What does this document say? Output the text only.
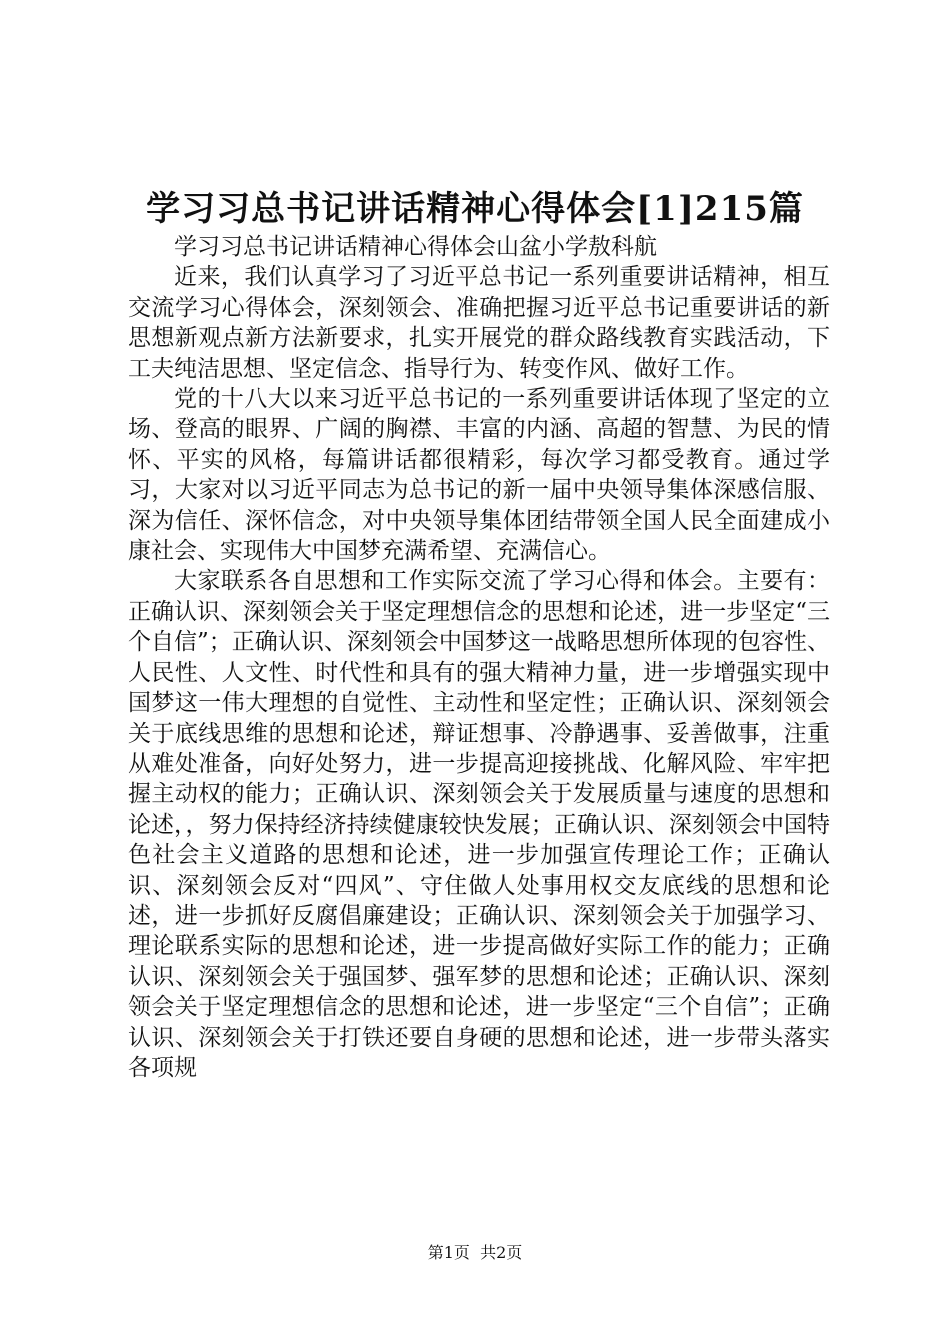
学习习总书记讲话精神心得体会[1]215篇

学习习总书记讲话精神心得体会山盆小学敖科航

近来，我们认真学习了习近平总书记一系列重要讲话精神，相互交流学习心得体会，深刻领会、准确把握习近平总书记重要讲话的新思想新观点新方法新要求，扎实开展党的群众路线教育实践活动，下工夫纯洁思想、坚定信念、指导行为、转变作风、做好工作。

党的十八大以来习近平总书记的一系列重要讲话体现了坚定的立场、登高的眼界、广阔的胸襟、丰富的内涵、高超的智慧、为民的情怀、平实的风格，每篇讲话都很精彩，每次学习都受教育。通过学习，大家对以习近平同志为总书记的新一届中央领导集体深感信服、深为信任、深怀信念，对中央领导集体团结带领全国人民全面建成小康社会、实现伟大中国梦充满希望、充满信心。

大家联系各自思想和工作实际交流了学习心得和体会。主要有：正确认识、深刻领会关于坚定理想信念的思想和论述，进一步坚定“三个自信”；正确认识、深刻领会中国梦这一战略思想所体现的包容性、人民性、人文性、时代性和具有的强大精神力量，进一步增强实现中国梦这一伟大理想的自觉性、主动性和坚定性；正确认识、深刻领会关于底线思维的思想和论述，辩证想事、冷静遇事、妥善做事，注重从难处准备，向好处努力，进一步提高迎接挑战、化解风险、牢牢把握主动权的能力；正确认识、深刻领会关于发展质量与速度的思想和论述，，努力保持经济持续健康较快发展；正确认识、深刻领会中国特色社会主义道路的思想和论述，进一步加强宣传理论工作；正确认识、深刻领会反对“四风”、守住做人处事用权交友底线的思想和论述，进一步抓好反腐倡廉建设；正确认识、深刻领会关于加强学习、理论联系实际的思想和论述，进一步提高做好实际工作的能力；正确认识、深刻领会关于强国梦、强军梦的思想和论述；正确认识、深刻领会关于坚定理想信念的思想和论述，进一步坚定“三个自信”；正确认识、深刻领会关于打铁还要自身硬的思想和论述，进一步带头落实各项规

第1页  共2页
